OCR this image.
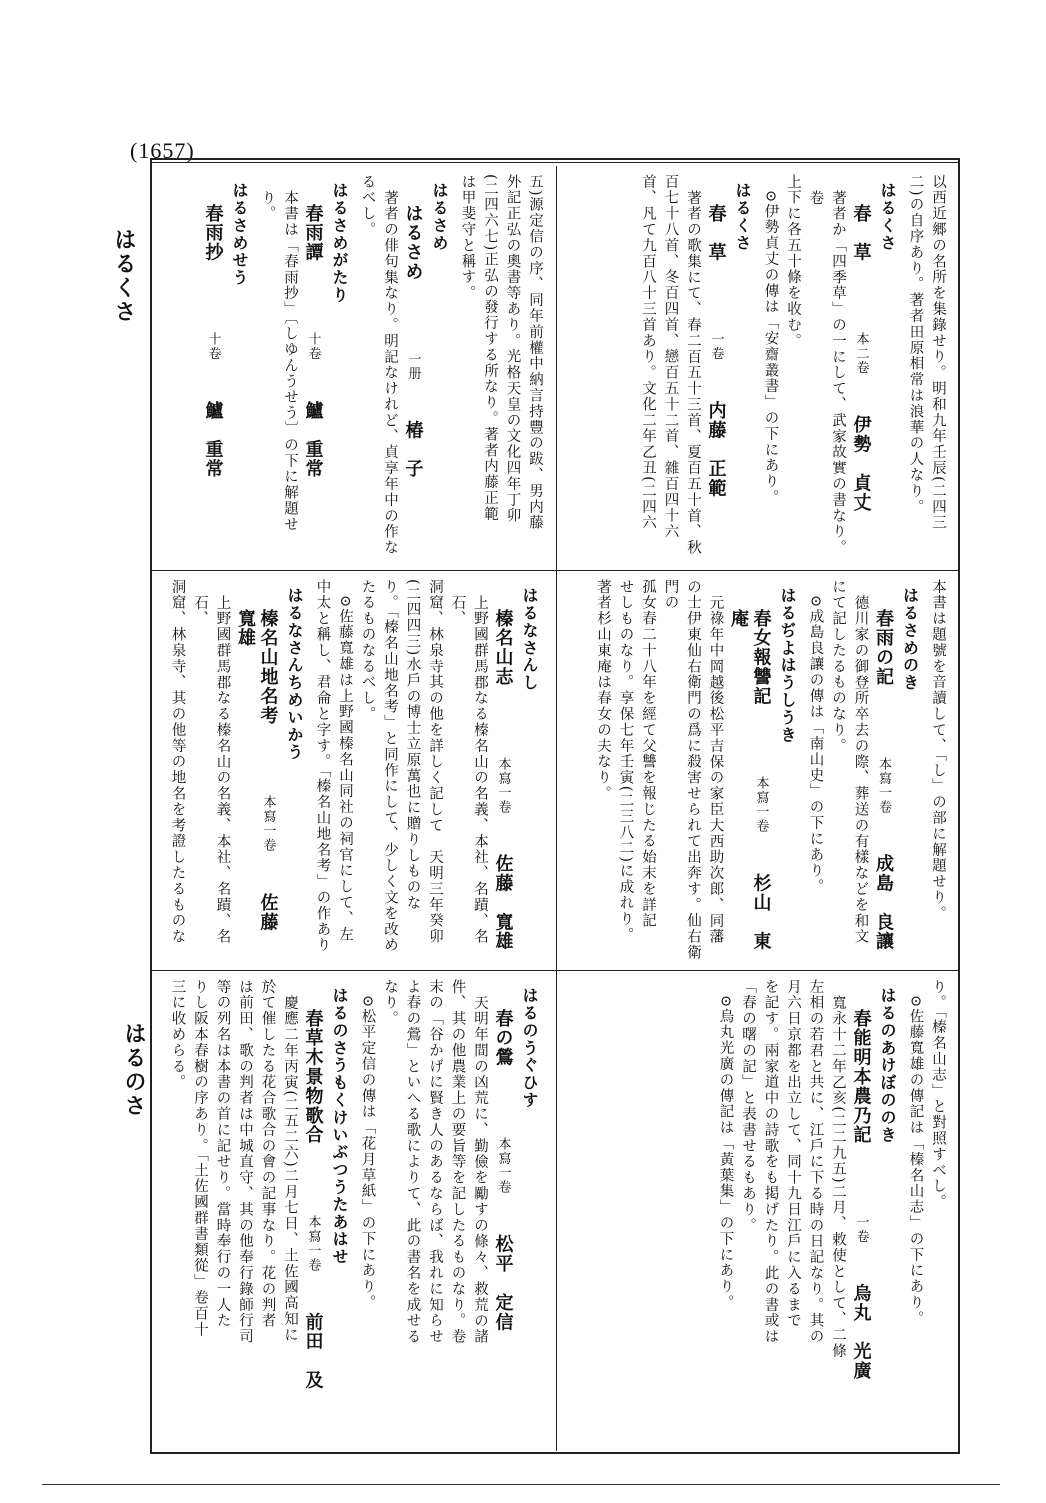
(1657)
はるくさ
はるのさ

五)源定信の序、同年前權中納言持豐の跋、男内藤

外記正弘の奧書等あり。光格天皇の文化四年丁卯

(二四六七)正弘の發行する所なり。著者内藤正範

は甲斐守と稱す。

はるさめ

はるさめ一册椿　子

著者の俳句集なり。明記なけれど、貞享年中の作な

るべし。

はるさめがたり

春雨譚十卷鱸　重常

本書は「春雨抄」〔しゆんうせう〕の下に解題せり。

はるさめせう

春雨抄十卷鱸　重常	以西近郷の名所を集錄せり。明和九年壬辰(二四三

二)の自序あり。著者田原相常は浪華の人なり。

はるくさ

春　草本二卷伊勢　貞丈

著者か「四季草」の一にして、武家故實の書なり。卷

上下に各五十條を收む。

⊙伊勢貞丈の傳は「安齋叢書」の下にあり。

はるくさ

春　草一卷内藤　正範

著者の歌集にて、春二百五十三首、夏百五十首、秋

百七十八首、冬百四首、戀百五十二首、雜百四十六

首、凡て九百八十三首あり。文化二年乙丑(二四六

はるなさんし

榛名山志本寫一卷佐藤　寬雄

上野國群馬郡なる榛名山の名義、本社、名蹟、名石、

洞窟、林泉寺其の他を詳しく記して　天明三年癸卯

(二四四三)水戶の博士立原萬也に贈りしものな

り。「榛名山地名考」と同作にして、少しく文を改め

たるものなるべし。

⊙佐藤寬雄は上野國榛名山同社の祠官にして、左

中太と稱し、君侖と字す。「榛名山地名考」の作あり

はるなさんちめいかう

榛名山地名考本寫一卷佐藤　寬雄

上野國群馬郡なる榛名山の名義、本社、名蹟、名石、

洞窟、林泉寺、其の他等の地名を考證したるものな	本書は題號を音讀して、「し」の部に解題せり。

はるさめのき

春雨の記本寫一卷成島　良讓

德川家の御登所卒去の際、葬送の有樣などを和文

にて記したるものなり。

⊙成島良讓の傳は「南山史」の下にあり。

はるぢよはうしうき

春女報讐記本寫一卷杉山　東庵

元祿年中岡越後松平吉保の家臣大西助次郎、同藩

の士伊東仙右衛門の爲に殺害せられて出奔す。仙右衛門の

孤女春二十八年を經て父讐を報じたる始末を詳記

せしものなり。享保七年壬寅(二三八二)に成れり。

著者杉山東庵は春女の夫なり。

はるのうぐひす

春の鶯本寫一卷松平　定信

天明年間の凶荒に、勤儉を勵すの條々、救荒の諸

件、其の他農業上の要旨等を記したるものなり。卷

末の「谷かげに賢き人のあるならば、我れに知らせ

よ春の鶯」といへる歌によりて、此の書名を成せる

なり。

⊙松平定信の傳は「花月草紙」の下にあり。

はるのさうもくけいぶつうたあはせ

春草木景物歌合本寫一卷前田　及

慶應二年丙寅(二五二六)二月七日、土佐國高知に

於て催したる花合歌合の會の記事なり。花の判者

は前田、歌の判者は中城直守、其の他奉行錄師行司

等の列名は本書の首に記せり。當時奉行の一人た

りし阪本春樹の序あり。「土佐國群書類從」卷百十

三に收めらる。	り。「榛名山志」と對照すべし。

⊙佐藤寬雄の傳記は「榛名山志」の下にあり。

はるのあけぼののき

春能明本農乃記一卷烏丸　光廣

寬永十二年乙亥(二二九五)二月、敕使として、二條

左相の若君と共に、江戶に下る時の日記なり。其の

月六日京都を出立して、同十九日江戶に入るまで

を記す。兩家道中の詩歌をも掲げたり。此の書或は

「春の曙の記」と表書せるもあり。

⊙烏丸光廣の傳記は「黃葉集」の下にあり。
